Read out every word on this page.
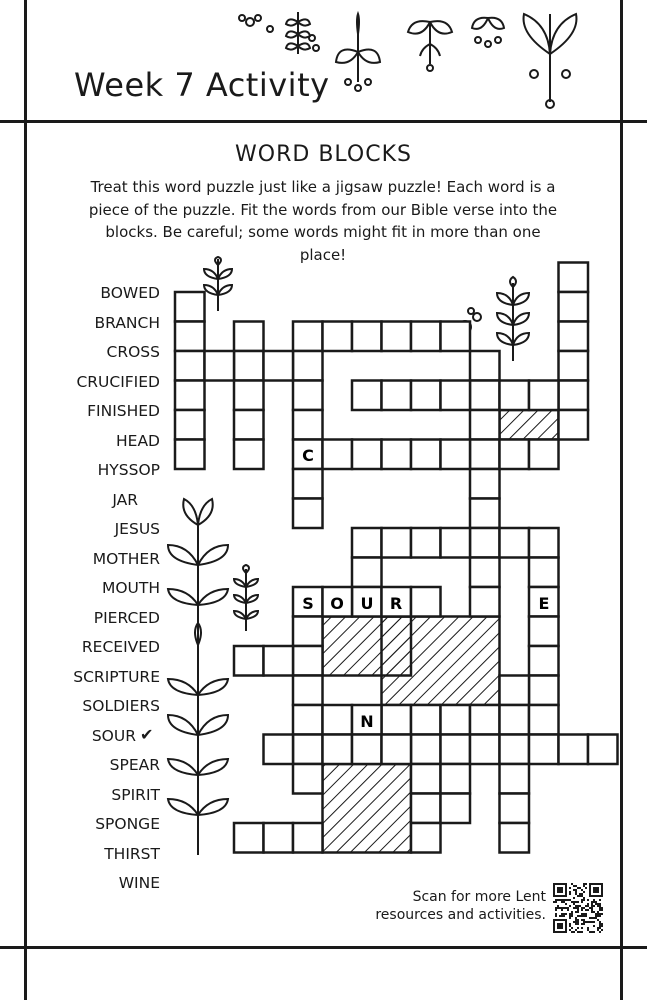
Week 7 Activity
WORD BLOCKS
Treat this word puzzle just like a jigsaw puzzle! Each word is a piece of the puzzle. Fit the words from our Bible verse into the blocks. Be careful; some words might fit in more than one place!
BOWED
BRANCH
CROSS
CRUCIFIED
FINISHED
HEAD
HYSSOP
JAR
JESUS
MOTHER
MOUTH
PIERCED
RECEIVED
SCRIPTURE
SOLDIERS
SOUR ✔
SPEAR
SPIRIT
SPONGE
THIRST
WINE
C
S O U R	E
N
Scan for more Lent
resources and activities.
